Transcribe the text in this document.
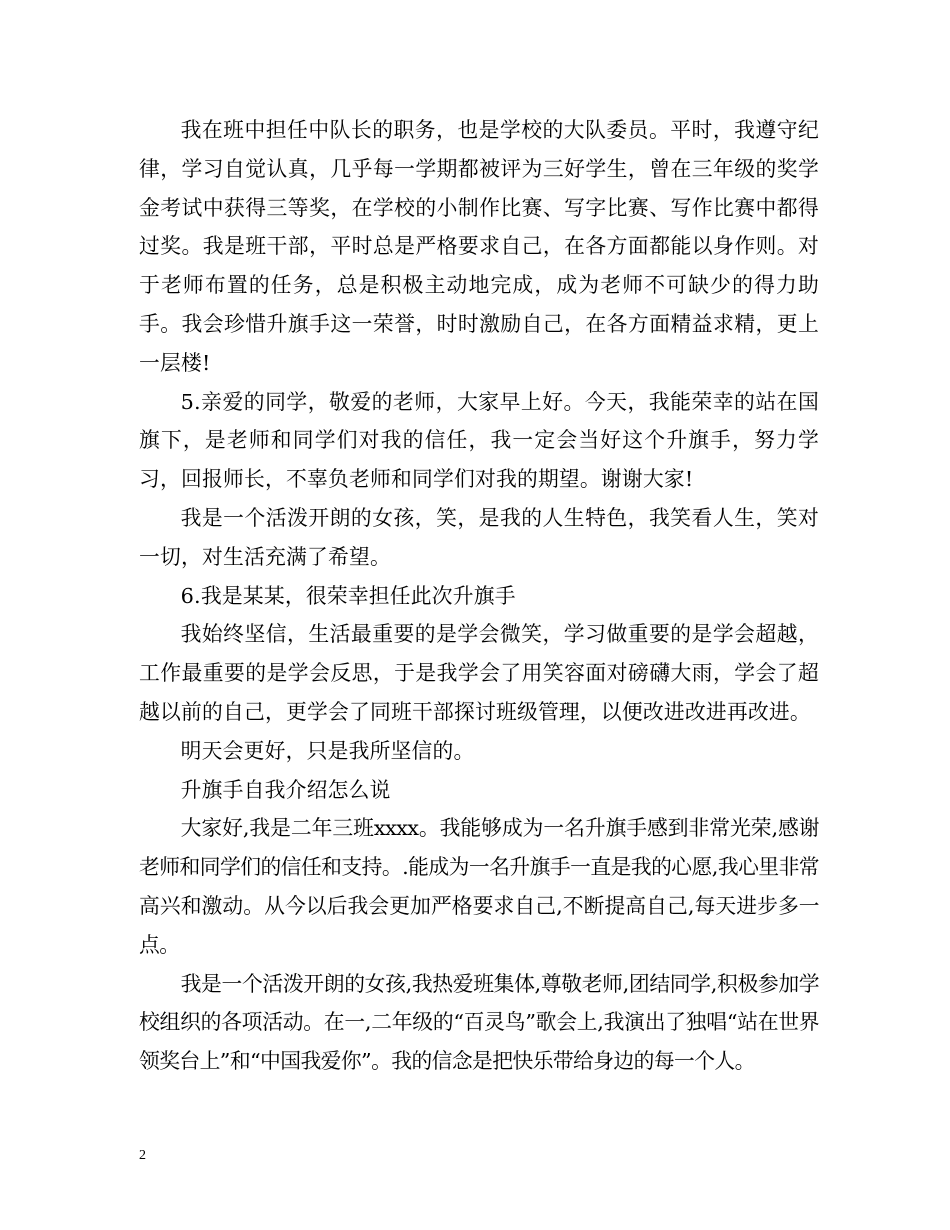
我在班中担任中队长的职务，也是学校的大队委员。平时，我遵守纪律，学习自觉认真，几乎每一学期都被评为三好学生，曾在三年级的奖学金考试中获得三等奖，在学校的小制作比赛、写字比赛、写作比赛中都得过奖。我是班干部，平时总是严格要求自己，在各方面都能以身作则。对于老师布置的任务，总是积极主动地完成，成为老师不可缺少的得力助手。我会珍惜升旗手这一荣誉，时时激励自己，在各方面精益求精，更上一层楼!

5.亲爱的同学，敬爱的老师，大家早上好。今天，我能荣幸的站在国旗下，是老师和同学们对我的信任，我一定会当好这个升旗手，努力学习，回报师长，不辜负老师和同学们对我的期望。谢谢大家!

我是一个活泼开朗的女孩，笑，是我的人生特色，我笑看人生，笑对一切，对生活充满了希望。

6.我是某某，很荣幸担任此次升旗手

我始终坚信，生活最重要的是学会微笑，学习做重要的是学会超越，工作最重要的是学会反思，于是我学会了用笑容面对磅礴大雨，学会了超越以前的自己，更学会了同班干部探讨班级管理，以便改进改进再改进。

明天会更好，只是我所坚信的。

升旗手自我介绍怎么说

大家好,我是二年三班xxxx。我能够成为一名升旗手感到非常光荣,感谢老师和同学们的信任和支持。.能成为一名升旗手一直是我的心愿,我心里非常高兴和激动。从今以后我会更加严格要求自己,不断提高自己,每天进步多一点。

我是一个活泼开朗的女孩,我热爱班集体,尊敬老师,团结同学,积极参加学校组织的各项活动。在一,二年级的“百灵鸟”歌会上,我演出了独唱“站在世界领奖台上”和“中国我爱你”。我的信念是把快乐带给身边的每一个人。

2
